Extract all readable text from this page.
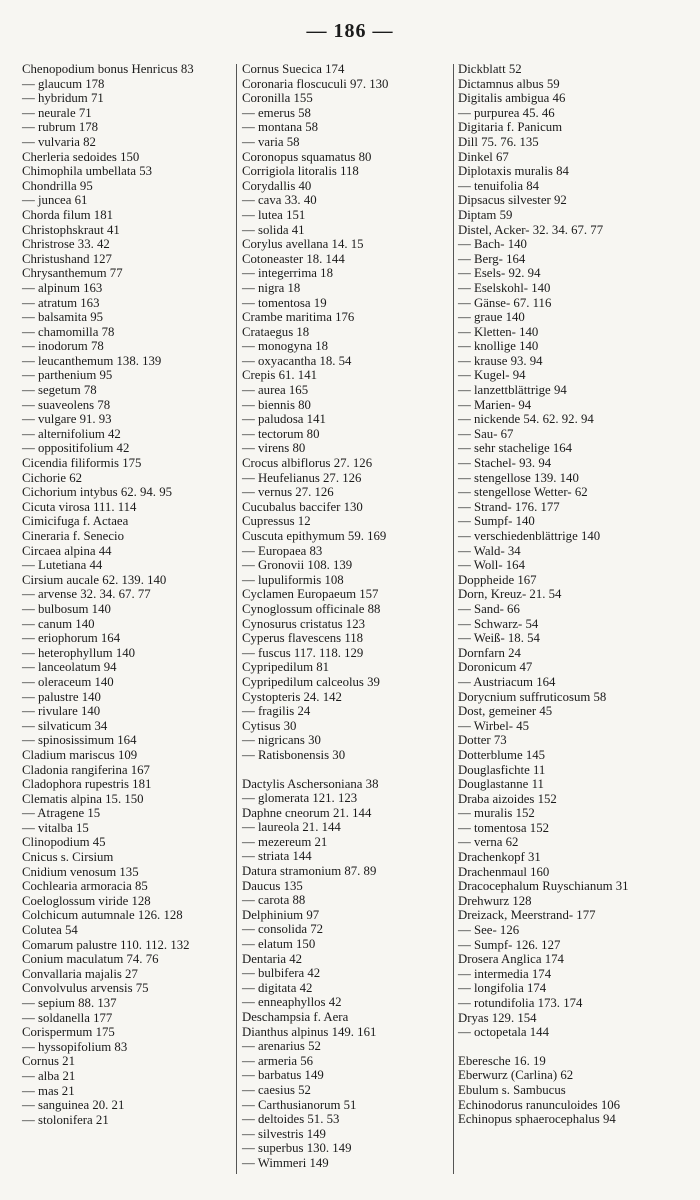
— 186 —
Chenopodium bonus Henricus 83
— glaucum 178
— hybridum 71
— neurale 71
— rubrum 178
— vulvaria 82
Cherleria sedoides 150
Chimophila umbellata 53
Chondrilla 95
— juncea 61
Chorda filum 181
Christophskraut 41
Christrose 33. 42
Christushand 127
Chrysanthemum 77
— alpinum 163
— atratum 163
— balsamita 95
— chamomilla 78
— inodorum 78
— leucanthemum 138. 139
— parthenium 95
— segetum 78
— suaveolens 78
— vulgare 91. 93
— alternifolium 42
— oppositifolium 42
Cicendia filiformis 175
Cichorie 62
Cichorium intybus 62. 94. 95
Cicuta virosa 111. 114
Cimicifuga f. Actaea
Cineraria f. Senecio
Circaea alpina 44
— Lutetiana 44
Cirsium aucale 62. 139. 140
— arvense 32. 34. 67. 77
— bulbosum 140
— canum 140
— eriophorum 164
— heterophyllum 140
— lanceolatum 94
— oleraceum 140
— palustre 140
— rivulare 140
— silvaticum 34
— spinosissimum 164
Cladium mariscus 109
Cladonia rangiferina 167
Cladophora rupestris 181
Clematis alpina 15. 150
— Atragene 15
— vitalba 15
Clinopodium 45
Cnicus s. Cirsium
Cnidium venosum 135
Cochlearia armoracia 85
Coeloglossum viride 128
Colchicum autumnale 126. 128
Colutea 54
Comarum palustre 110. 112. 132
Conium maculatum 74. 76
Convallaria majalis 27
Convolvulus arvensis 75
— sepium 88. 137
— soldanella 177
Corispermum 175
— hyssopifolium 83
Cornus 21
— alba 21
— mas 21
— sanguinea 20. 21
— stolonifera 21
Cornus Suecica 174
Coronaria floscuculi 97. 130
Coronilla 155
— emerus 58
— montana 58
— varia 58
Coronopus squamatus 80
Corrigiola litoralis 118
Corydallis 40
— cava 33. 40
— lutea 151
— solida 41
Corylus avellana 14. 15
Cotoneaster 18. 144
— integerrima 18
— nigra 18
— tomentosa 19
Crambe maritima 176
Crataegus 18
— monogyna 18
— oxyacantha 18. 54
Crepis 61. 141
— aurea 165
— biennis 80
— paludosa 141
— tectorum 80
— virens 80
Crocus albiflorus 27. 126
— Heufelianus 27. 126
— vernus 27. 126
Cucubalus baccifer 130
Cupressus 12
Cuscuta epithymum 59. 169
— Europaea 83
— Gronovii 108. 139
— lupuliformis 108
Cyclamen Europaeum 157
Cynoglossum officinale 88
Cynosurus cristatus 123
Cyperus flavescens 118
— fuscus 117. 118. 129
Cypripedilum 81
Cypripedilum calceolus 39
Cystopteris 24. 142
— fragilis 24
Cytisus 30
— nigricans 30
— Ratisbonensis 30
Dactylis Aschersoniana 38
— glomerata 121. 123
Daphne cneorum 21. 144
— laureola 21. 144
— mezereum 21
— striata 144
Datura stramonium 87. 89
Daucus 135
— carota 88
Delphinium 97
— consolida 72
— elatum 150
Dentaria 42
— bulbifera 42
— digitata 42
— enneaphyllos 42
Deschampsia f. Aera
Dianthus alpinus 149. 161
— arenarius 52
— armeria 56
— barbatus 149
— caesius 52
— Carthusianorum 51
— deltoides 51. 53
— silvestris 149
— superbus 130. 149
— Wimmeri 149
Dickblatt 52
Dictamnus albus 59
Digitalis ambigua 46
— purpurea 45. 46
Digitaria f. Panicum
Dill 75. 76. 135
Dinkel 67
Diplotaxis muralis 84
— tenuifolia 84
Dipsacus silvester 92
Diptam 59
Distel, Acker- 32. 34. 67. 77
— Bach- 140
— Berg- 164
— Esels- 92. 94
— Eselskohl- 140
— Gänse- 67. 116
— graue 140
— Kletten- 140
— knollige 140
— krause 93. 94
— Kugel- 94
— lanzettblättrige 94
— Marien- 94
— nickende 54. 62. 92. 94
— Sau- 67
— sehr stachelige 164
— Stachel- 93. 94
— stengellose 139. 140
— stengellose Wetter- 62
— Strand- 176. 177
— Sumpf- 140
— verschiedenblättrige 140
— Wald- 34
— Woll- 164
Doppheide 167
Dorn, Kreuz- 21. 54
— Sand- 66
— Schwarz- 54
— Weiß- 18. 54
Dornfarn 24
Doronicum 47
— Austriacum 164
Dorycnium suffruticosum 58
Dost, gemeiner 45
— Wirbel- 45
Dotter 73
Dotterblume 145
Douglasfichte 11
Douglastanne 11
Draba aizoides 152
— muralis 152
— tomentosa 152
— verna 62
Drachenkopf 31
Drachenmaul 160
Dracocephalum Ruyschianum 31
Drehwurz 128
Dreizack, Meerstrand- 177
— See- 126
— Sumpf- 126. 127
Drosera Anglica 174
— intermedia 174
— longifolia 174
— rotundifolia 173. 174
Dryas 129. 154
— octopetala 144
Eberesche 16. 19
Eberwurz (Carlina) 62
Ebulum s. Sambucus
Echinodorus ranunculoides 106
Echinopus sphaerocephalus 94
